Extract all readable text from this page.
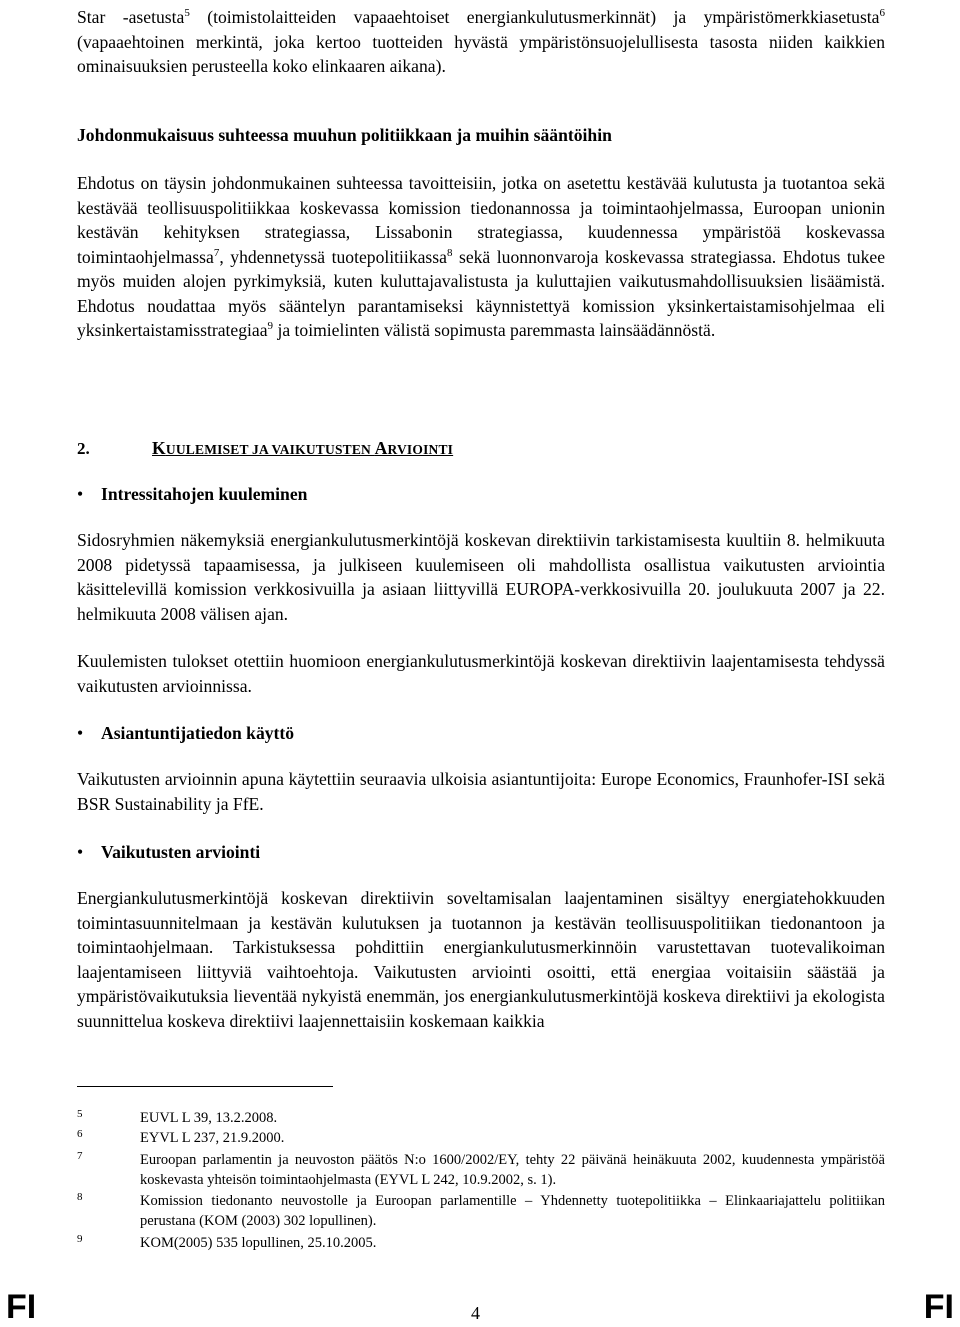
Star -asetusta$^5$ (toimistolaitteiden vapaaehtoiset energiankulutusmerkinnät) ja ympäristömerkkiasetusta$^6$ (vapaaehtoinen merkintä, joka kertoo tuotteiden hyvästä ympäristönsuojelullisesta tasosta niiden kaikkien ominaisuuksien perusteella koko elinkaaren aikana).

Johdonmukaisuus suhteessa muuhun politiikkaan ja muihin sääntöihin

Ehdotus on täysin johdonmukainen suhteessa tavoitteisiin, jotka on asetettu kestävää kulutusta ja tuotantoa sekä kestävää teollisuuspolitiikkaa koskevassa komission tiedonannossa ja toimintaohjelmassa, Euroopan unionin kestävän kehityksen strategiassa, Lissabonin strategiassa, kuudennessa ympäristöä koskevassa toimintaohjelmassa$^7$, yhdennetyssä tuotepolitiikassa$^8$ sekä luonnonvaroja koskevassa strategiassa. Ehdotus tukee myös muiden alojen pyrkimyksiä, kuten kuluttajavalistusta ja kuluttajien vaikutusmahdollisuuksien lisäämistä. Ehdotus noudattaa myös sääntelyn parantamiseksi käynnistettyä komission yksinkertaistamisohjelmaa eli yksinkertaistamisstrategiaa$^9$ ja toimielinten välistä sopimusta paremmasta lainsäädännöstä.

2.	KUULEMISET JA VAIKUTUSTEN ARVIOINTI
• Intressitahojen kuuleminen

Sidosryhmien näkemyksiä energiankulutusmerkintöjä koskevan direktiivin tarkistamisesta kuultiin 8. helmikuuta 2008 pidetyssä tapaamisessa, ja julkiseen kuulemiseen oli mahdollista osallistua vaikutusten arviointia käsittelevillä komission verkkosivuilla ja asiaan liittyvillä EUROPA-verkkosivuilla 20. joulukuuta 2007 ja 22. helmikuuta 2008 välisen ajan.

Kuulemisten tulokset otettiin huomioon energiankulutusmerkintöjä koskevan direktiivin laajentamisesta tehdyssä vaikutusten arvioinnissa.

• Asiantuntijatiedon käyttö

Vaikutusten arvioinnin apuna käytettiin seuraavia ulkoisia asiantuntijoita: Europe Economics, Fraunhofer-ISI sekä BSR Sustainability ja FfE.

• Vaikutusten arviointi

Energiankulutusmerkintöjä koskevan direktiivin soveltamisalan laajentaminen sisältyy energiatehokkuuden toimintasuunnitelmaan ja kestävän kulutuksen ja tuotannon ja kestävän teollisuuspolitiikan tiedonantoon ja toimintaohjelmaan. Tarkistuksessa pohdittiin energiankulutusmerkinnöin varustettavan tuotevalikoiman laajentamiseen liittyviä vaihtoehtoja. Vaikutusten arviointi osoitti, että energiaa voitaisiin säästää ja ympäristövaikutuksia lieventää nykyistä enemmän, jos energiankulutusmerkintöjä koskeva direktiivi ja ekologista suunnittelua koskeva direktiivi laajennettaisiin koskemaan kaikkia

5	EUVL L 39, 13.2.2008.
6	EYVL L 237, 21.9.2000.
7	Euroopan parlamentin ja neuvoston päätös N:o 1600/2002/EY, tehty 22 päivänä heinäkuuta 2002, kuudennesta ympäristöä koskevasta yhteisön toimintaohjelmasta (EYVL L 242, 10.9.2002, s. 1).
8	Komission tiedonanto neuvostolle ja Euroopan parlamentille – Yhdennetty tuotepolitiikka – Elinkaariajattelu politiikan perustana (KOM (2003) 302 lopullinen).
9	KOM(2005) 535 lopullinen, 25.10.2005.
FI	4	FI
